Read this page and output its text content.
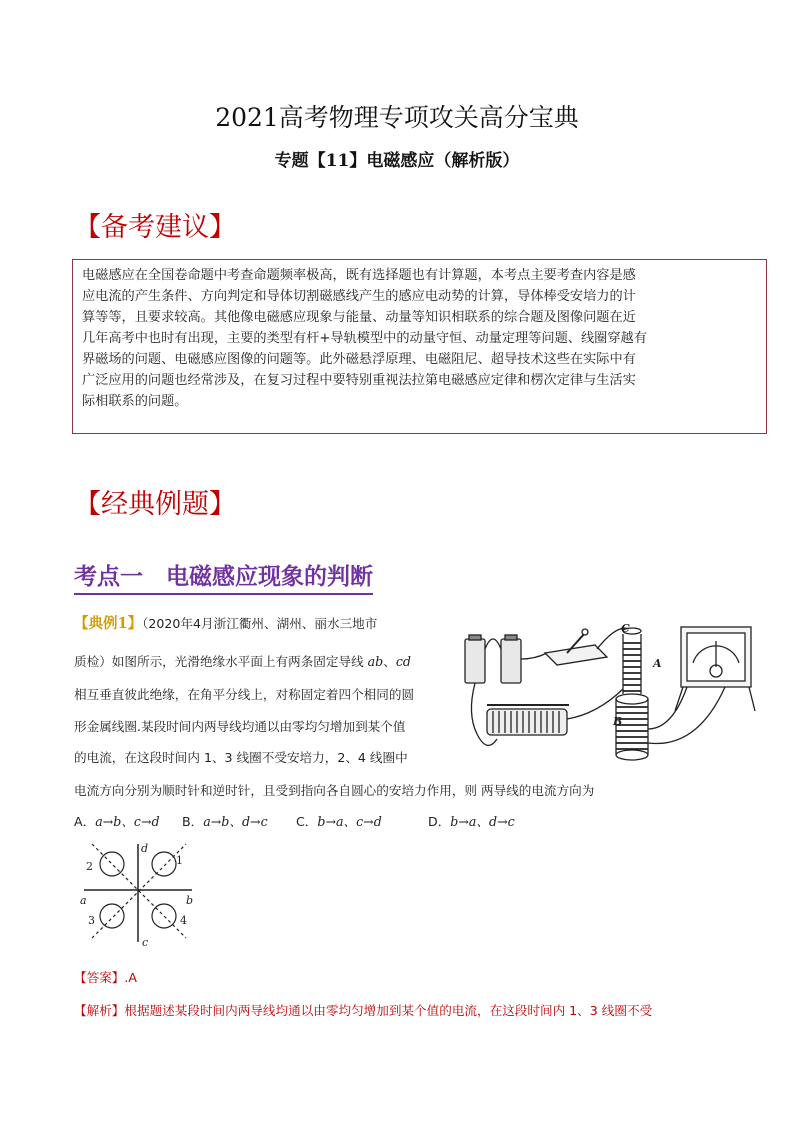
2021高考物理专项攻关高分宝典
专题【11】电磁感应（解析版）
【备考建议】
电磁感应在全国卷命题中考查命题频率极高，既有选择题也有计算题，本考点主要考查内容是感
应电流的产生条件、方向判定和导体切割磁感线产生的感应电动势的计算，导体棒受安培力的计
算等等，且要求较高。其他像电磁感应现象与能量、动量等知识相联系的综合题及图像问题在近
几年高考中也时有出现，主要的类型有杆+导轨模型中的动量守恒、动量定理等问题、线圈穿越有
界磁场的问题、电磁感应图像的问题等。此外磁悬浮原理、电磁阻尼、超导技术这些在实际中有
广泛应用的问题也经常涉及，在复习过程中要特别重视法拉第电磁感应定律和楞次定律与生活实
际相联系的问题。
【经典例题】
考点一　电磁感应现象的判断
【典例1】（2020年4月浙江衢州、湖州、丽水三地市
质检）如图所示，光滑绝缘水平面上有两条固定导线 ab、cd
相互垂直彼此绝缘，在角平分线上，对称固定着四个相同的圆
形金属线圈.某段时间内两导线均通以由零均匀增加到某个值
的电流，在这段时间内 1、3 线圈不受安培力，2、4 线圈中
电流方向分别为顺时针和逆时针，且受到指向各自圆心的安培力作用，则 两导线的电流方向为
A．a→b、c→d B．a→b、d→c C．b→a、c→d	D．b→a、d→c
C
A
B
d
a	b
c
1
2
3	4
【答案】.A
【解析】根据题述某段时间内两导线均通以由零均匀增加到某个值的电流，在这段时间内 1、3 线圈不受
